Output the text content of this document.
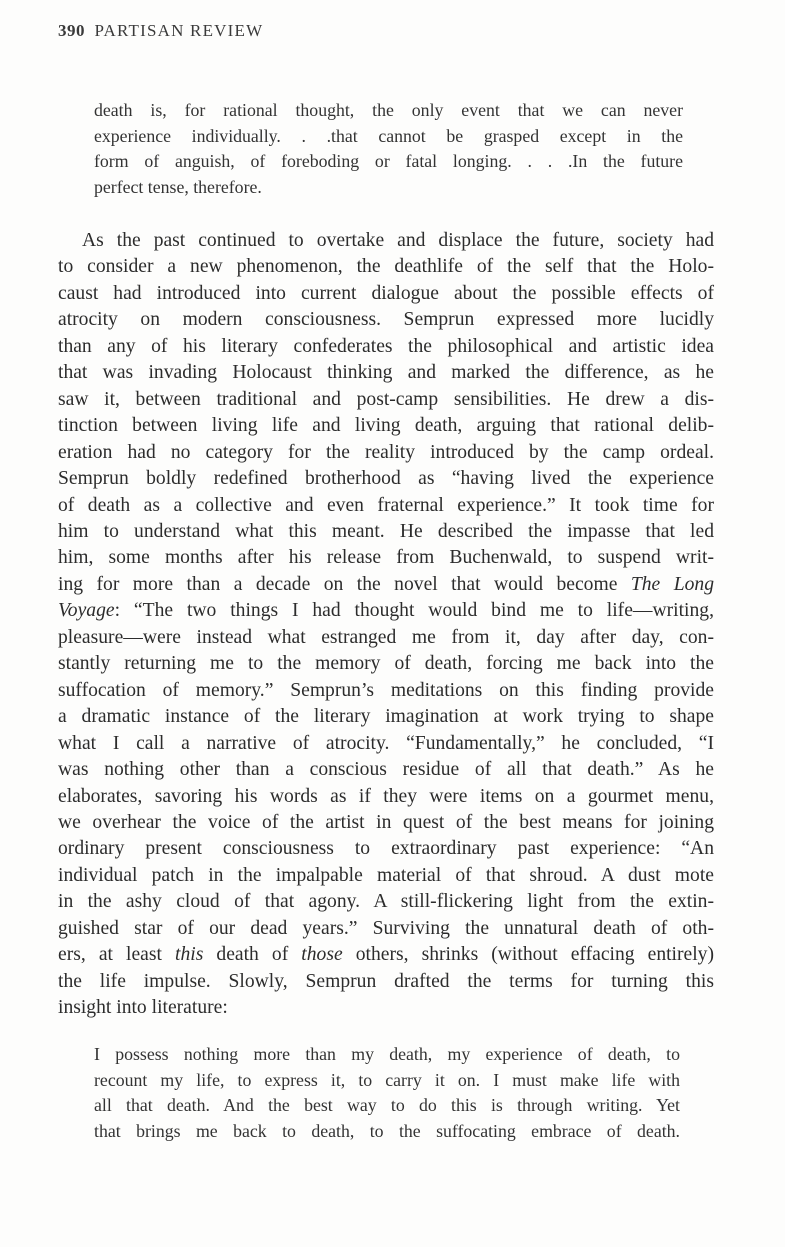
390 PARTISAN REVIEW
death is, for rational thought, the only event that we can never
experience individually. . .that cannot be grasped except in the
form of anguish, of foreboding or fatal longing. . . .In the future
perfect tense, therefore.
As the past continued to overtake and displace the future, society had
to consider a new phenomenon, the deathlife of the self that the Holo-
caust had introduced into current dialogue about the possible effects of
atrocity on modern consciousness. Semprun expressed more lucidly
than any of his literary confederates the philosophical and artistic idea
that was invading Holocaust thinking and marked the difference, as he
saw it, between traditional and post-camp sensibilities. He drew a dis-
tinction between living life and living death, arguing that rational delib-
eration had no category for the reality introduced by the camp ordeal.
Semprun boldly redefined brotherhood as “having lived the experience
of death as a collective and even fraternal experience.” It took time for
him to understand what this meant. He described the impasse that led
him, some months after his release from Buchenwald, to suspend writ-
ing for more than a decade on the novel that would become The Long
Voyage: “The two things I had thought would bind me to life—writing,
pleasure—were instead what estranged me from it, day after day, con-
stantly returning me to the memory of death, forcing me back into the
suffocation of memory.” Semprun’s meditations on this finding provide
a dramatic instance of the literary imagination at work trying to shape
what I call a narrative of atrocity. “Fundamentally,” he concluded, “I
was nothing other than a conscious residue of all that death.” As he
elaborates, savoring his words as if they were items on a gourmet menu,
we overhear the voice of the artist in quest of the best means for joining
ordinary present consciousness to extraordinary past experience: “An
individual patch in the impalpable material of that shroud. A dust mote
in the ashy cloud of that agony. A still-flickering light from the extin-
guished star of our dead years.” Surviving the unnatural death of oth-
ers, at least this death of those others, shrinks (without effacing entirely)
the life impulse. Slowly, Semprun drafted the terms for turning this
insight into literature:
I possess nothing more than my death, my experience of death, to
recount my life, to express it, to carry it on. I must make life with
all that death. And the best way to do this is through writing. Yet
that brings me back to death, to the suffocating embrace of death.
